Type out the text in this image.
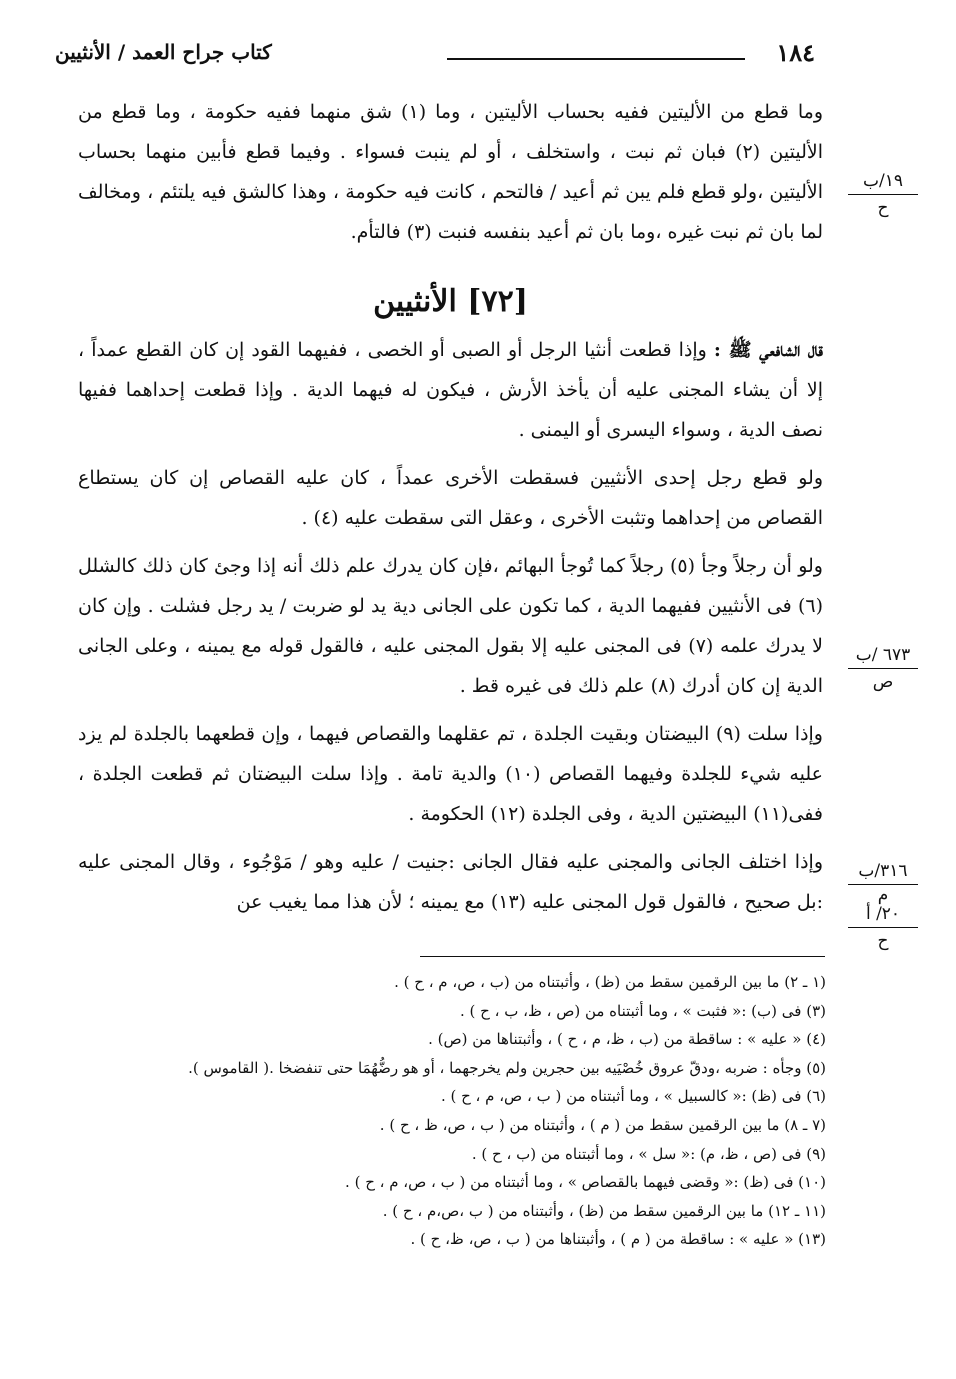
١٨٤
كتاب جراح العمد / الأنثيين
١٩/ب
ح
٦٧٣ /ب
ص
٣١٦/ب
م
٢٠/ أ
ح

وما قطع من الأليتين ففيه بحساب الأليتين ، وما (١) شق منهما ففيه حكومة ، وما قطع من الأليتين (٢) فبان ثم نبت ، واستخلف ، أو لم ينبت فسواء . وفيما قطع فأبين منهما بحساب الأليتين ،ولو قطع فلم يبن ثم أعيد / فالتحم ، كانت فيه حكومة ، وهذا كالشق فيه يلتئم ، ومخالف لما بان ثم نبت غيره ،وما بان ثم أعيد بنفسه فنبت (٣) فالتأم.

[٧٢] الأنثيين

قال الشافعي ﷺ : وإذا قطعت أنثيا الرجل أو الصبى أو الخصى ، ففيهما القود إن كان القطع عمداً ، إلا أن يشاء المجنى عليه أن يأخذ الأرش ، فيكون له فيهما الدية . وإذا قطعت إحداهما ففيها نصف الدية ، وسواء اليسرى أو اليمنى .

ولو قطع رجل إحدى الأنثيين فسقطت الأخرى عمداً ، كان عليه القصاص إن كان يستطاع القصاص من إحداهما وتثبت الأخرى ، وعقل التى سقطت عليه (٤) .

ولو أن رجلاً وجأ (٥) رجلاً كما تُوجأ البهائم ،فإن كان يدرك علم ذلك أنه إذا وجئ كان ذلك كالشلل (٦) فى الأنثيين ففيهما الدية ، كما تكون على الجانى دية يد لو ضربت / يد رجل فشلت . وإن كان لا يدرك علمه (٧) فى المجنى عليه إلا بقول المجنى عليه ، فالقول قوله مع يمينه ، وعلى الجانى الدية إن كان أدرك (٨) علم ذلك فى غيره قط .

وإذا سلت (٩) البيضتان وبقيت الجلدة ، تم عقلهما والقصاص فيهما ، وإن قطعهما بالجلدة لم يزد عليه شيء للجلدة وفيهما القصاص (١٠) والدية تامة . وإذا سلت البيضتان ثم قطعت الجلدة ، ففى(١١) البيضتين الدية ، وفى الجلدة (١٢) الحكومة .

وإذا اختلف الجانى والمجنى عليه فقال الجانى :جنيت / عليه وهو / مَوْجُوء ، وقال المجنى عليه :بل صحيح ، فالقول قول المجنى عليه (١٣) مع يمينه ؛ لأن هذا مما يغيب عن

(١ ـ ٢) ما بين الرقمين سقط من (ظ) ، وأثبتناه من (ب ، ص، م ، ح ) .

(٣) فى (ب) :« فثبت » ، وما أثبتناه من (ص ، ظ، ب ، ح ) .

(٤) « عليه » : ساقطة من (ب ، ظ، م ، ح ) ، وأثبتناها من (ص) .

(٥) وجأه : ضربه ،ودقّ عروق خُصْيَيه بين حجرين ولم يخرجهما ، أو هو رضُّهُمَا حتى تنفضخا .( القاموس ).

(٦) فى (ظ) :« كالسبيل » ، وما أثبتناه من ( ب ، ص، م ، ح ) .

(٧ ـ ٨) ما بين الرقمين سقط من ( م ) ، وأثبتناه من ( ب ، ص، ظ ، ح ) .

(٩) فى (ص ، ظ، م) :« سل » ، وما أثبتناه من (ب ، ح ) .

(١٠) فى (ظ) :« وقضى فيهما بالقصاص » ، وما أثبتناه من ( ب ، ص، م ، ح ) .

(١١ ـ ١٢) ما بين الرقمين سقط من (ظ) ، وأثبتناه من ( ب ،ص،م ، ح ) .

(١٣) « عليه » : ساقطة من ( م ) ، وأثبتناها من ( ب ، ص، ظ، ح ) .
